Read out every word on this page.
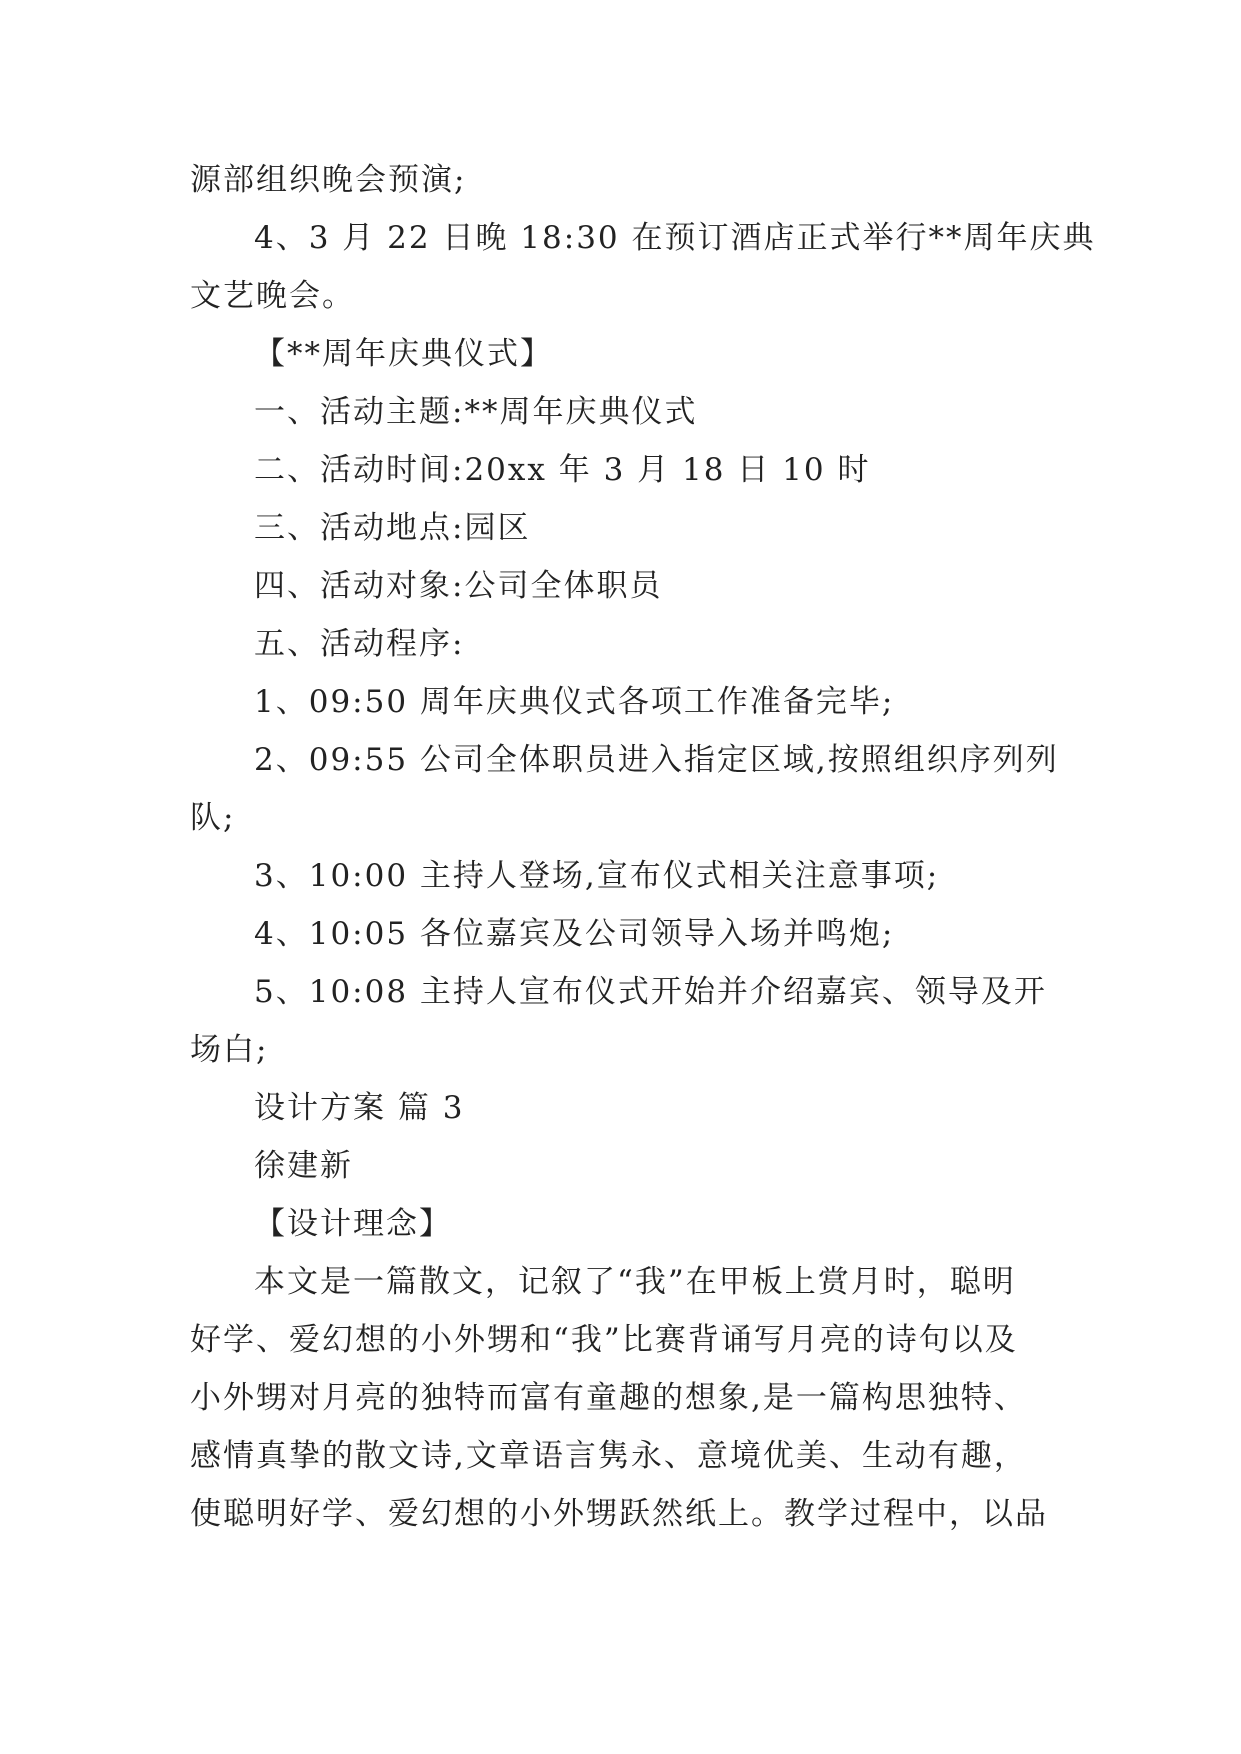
源部组织晚会预演;
4、3 月 22 日晚 18:30 在预订酒店正式举行**周年庆典
文艺晚会。
【**周年庆典仪式】
一、活动主题:**周年庆典仪式
二、活动时间:20xx 年 3 月 18 日 10 时
三、活动地点:园区
四、活动对象:公司全体职员
五、活动程序:
1、09:50 周年庆典仪式各项工作准备完毕;
2、09:55 公司全体职员进入指定区域,按照组织序列列
队;
3、10:00 主持人登场,宣布仪式相关注意事项;
4、10:05 各位嘉宾及公司领导入场并鸣炮;
5、10:08 主持人宣布仪式开始并介绍嘉宾、领导及开
场白;
设计方案 篇 3
徐建新
【设计理念】
本文是一篇散文，记叙了“我”在甲板上赏月时，聪明
好学、爱幻想的小外甥和“我”比赛背诵写月亮的诗句以及
小外甥对月亮的独特而富有童趣的想象,是一篇构思独特、
感情真挚的散文诗,文章语言隽永、意境优美、生动有趣，
使聪明好学、爱幻想的小外甥跃然纸上。教学过程中，以品
